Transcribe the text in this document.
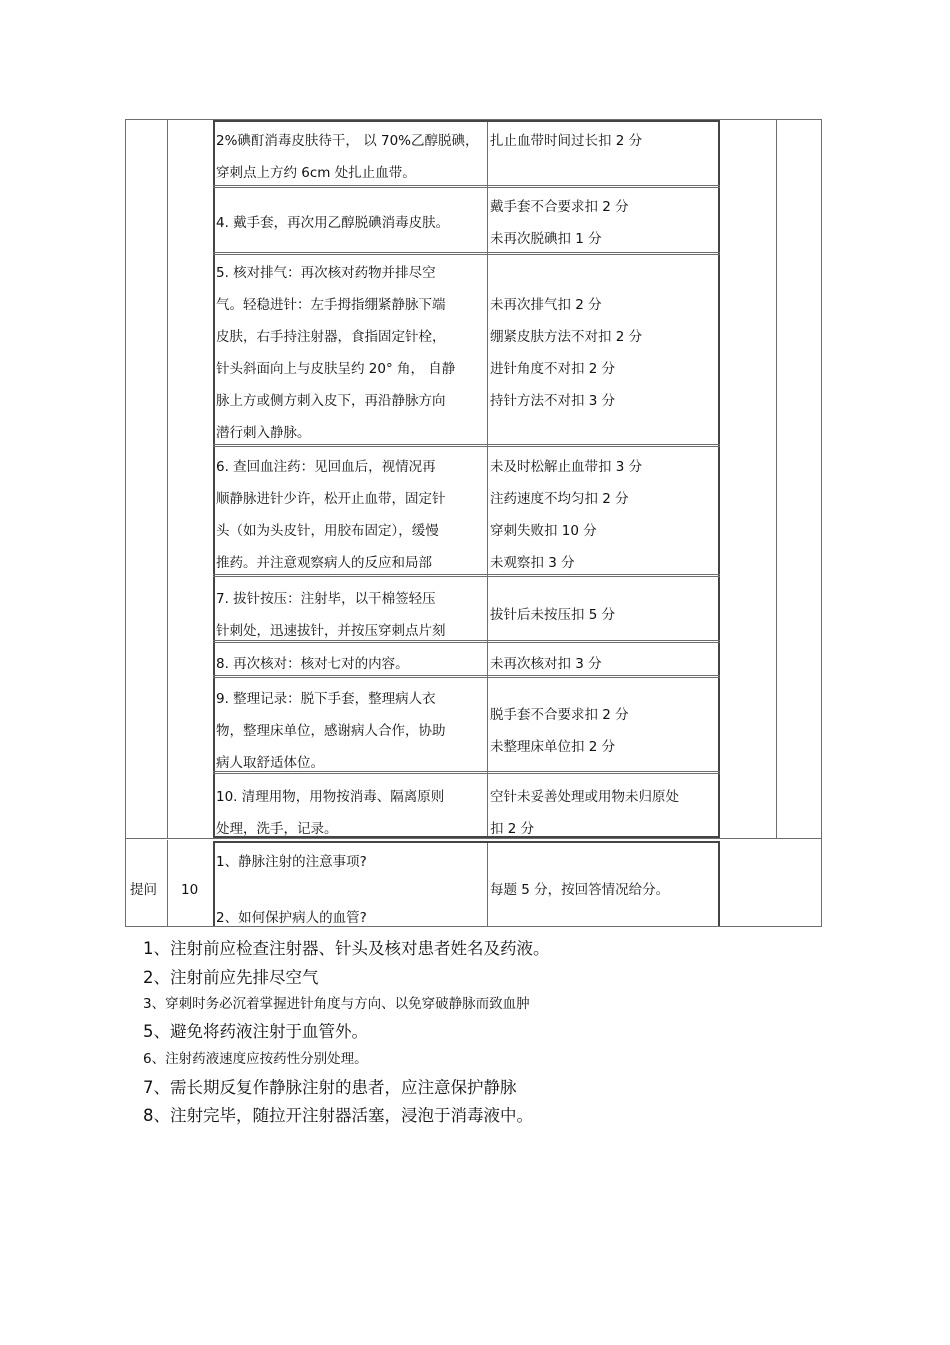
2%碘酊消毒皮肤待干， 以 70%乙醇脱碘，
穿刺点上方约 6cm 处扎止血带。
扎止血带时间过长扣 2 分
4. 戴手套，再次用乙醇脱碘消毒皮肤。
戴手套不合要求扣 2 分
未再次脱碘扣 1 分
5. 核对排气：再次核对药物并排尽空
气。轻稳进针：左手拇指绷紧静脉下端
皮肤，右手持注射器，食指固定针栓，
针头斜面向上与皮肤呈约 20° 角， 自静
脉上方或侧方刺入皮下，再沿静脉方向
潜行刺入静脉。
未再次排气扣 2 分
绷紧皮肤方法不对扣 2 分
进针角度不对扣 2 分
持针方法不对扣 3 分
6. 查回血注药：见回血后，视情况再
顺静脉进针少许，松开止血带，固定针
头（如为头皮针，用胶布固定），缓慢
推药。并注意观察病人的反应和局部
未及时松解止血带扣 3 分
注药速度不均匀扣 2 分
穿刺失败扣 10 分
未观察扣 3 分
7. 拔针按压：注射毕，以干棉签轻压
针刺处，迅速拔针，并按压穿刺点片刻
拔针后未按压扣 5 分
8. 再次核对：核对七对的内容。	未再次核对扣 3 分
9. 整理记录：脱下手套，整理病人衣
物，整理床单位，感谢病人合作，协助
病人取舒适体位。
脱手套不合要求扣 2 分
未整理床单位扣 2 分
10. 清理用物，用物按消毒、隔离原则
处理，洗手，记录。
空针未妥善处理或用物未归原处
扣 2 分
提问 10
1、静脉注射的注意事项?
2、如何保护病人的血管?
每题 5 分，按回答情况给分。
1、注射前应检查注射器、针头及核对患者姓名及药液。
2、注射前应先排尽空气
3、穿刺时务必沉着掌握进针角度与方向、以免穿破静脉而致血肿
5、避免将药液注射于血管外。
6、注射药液速度应按药性分别处理。
7、需长期反复作静脉注射的患者，应注意保护静脉
8、注射完毕，随拉开注射器活塞，浸泡于消毒液中。
